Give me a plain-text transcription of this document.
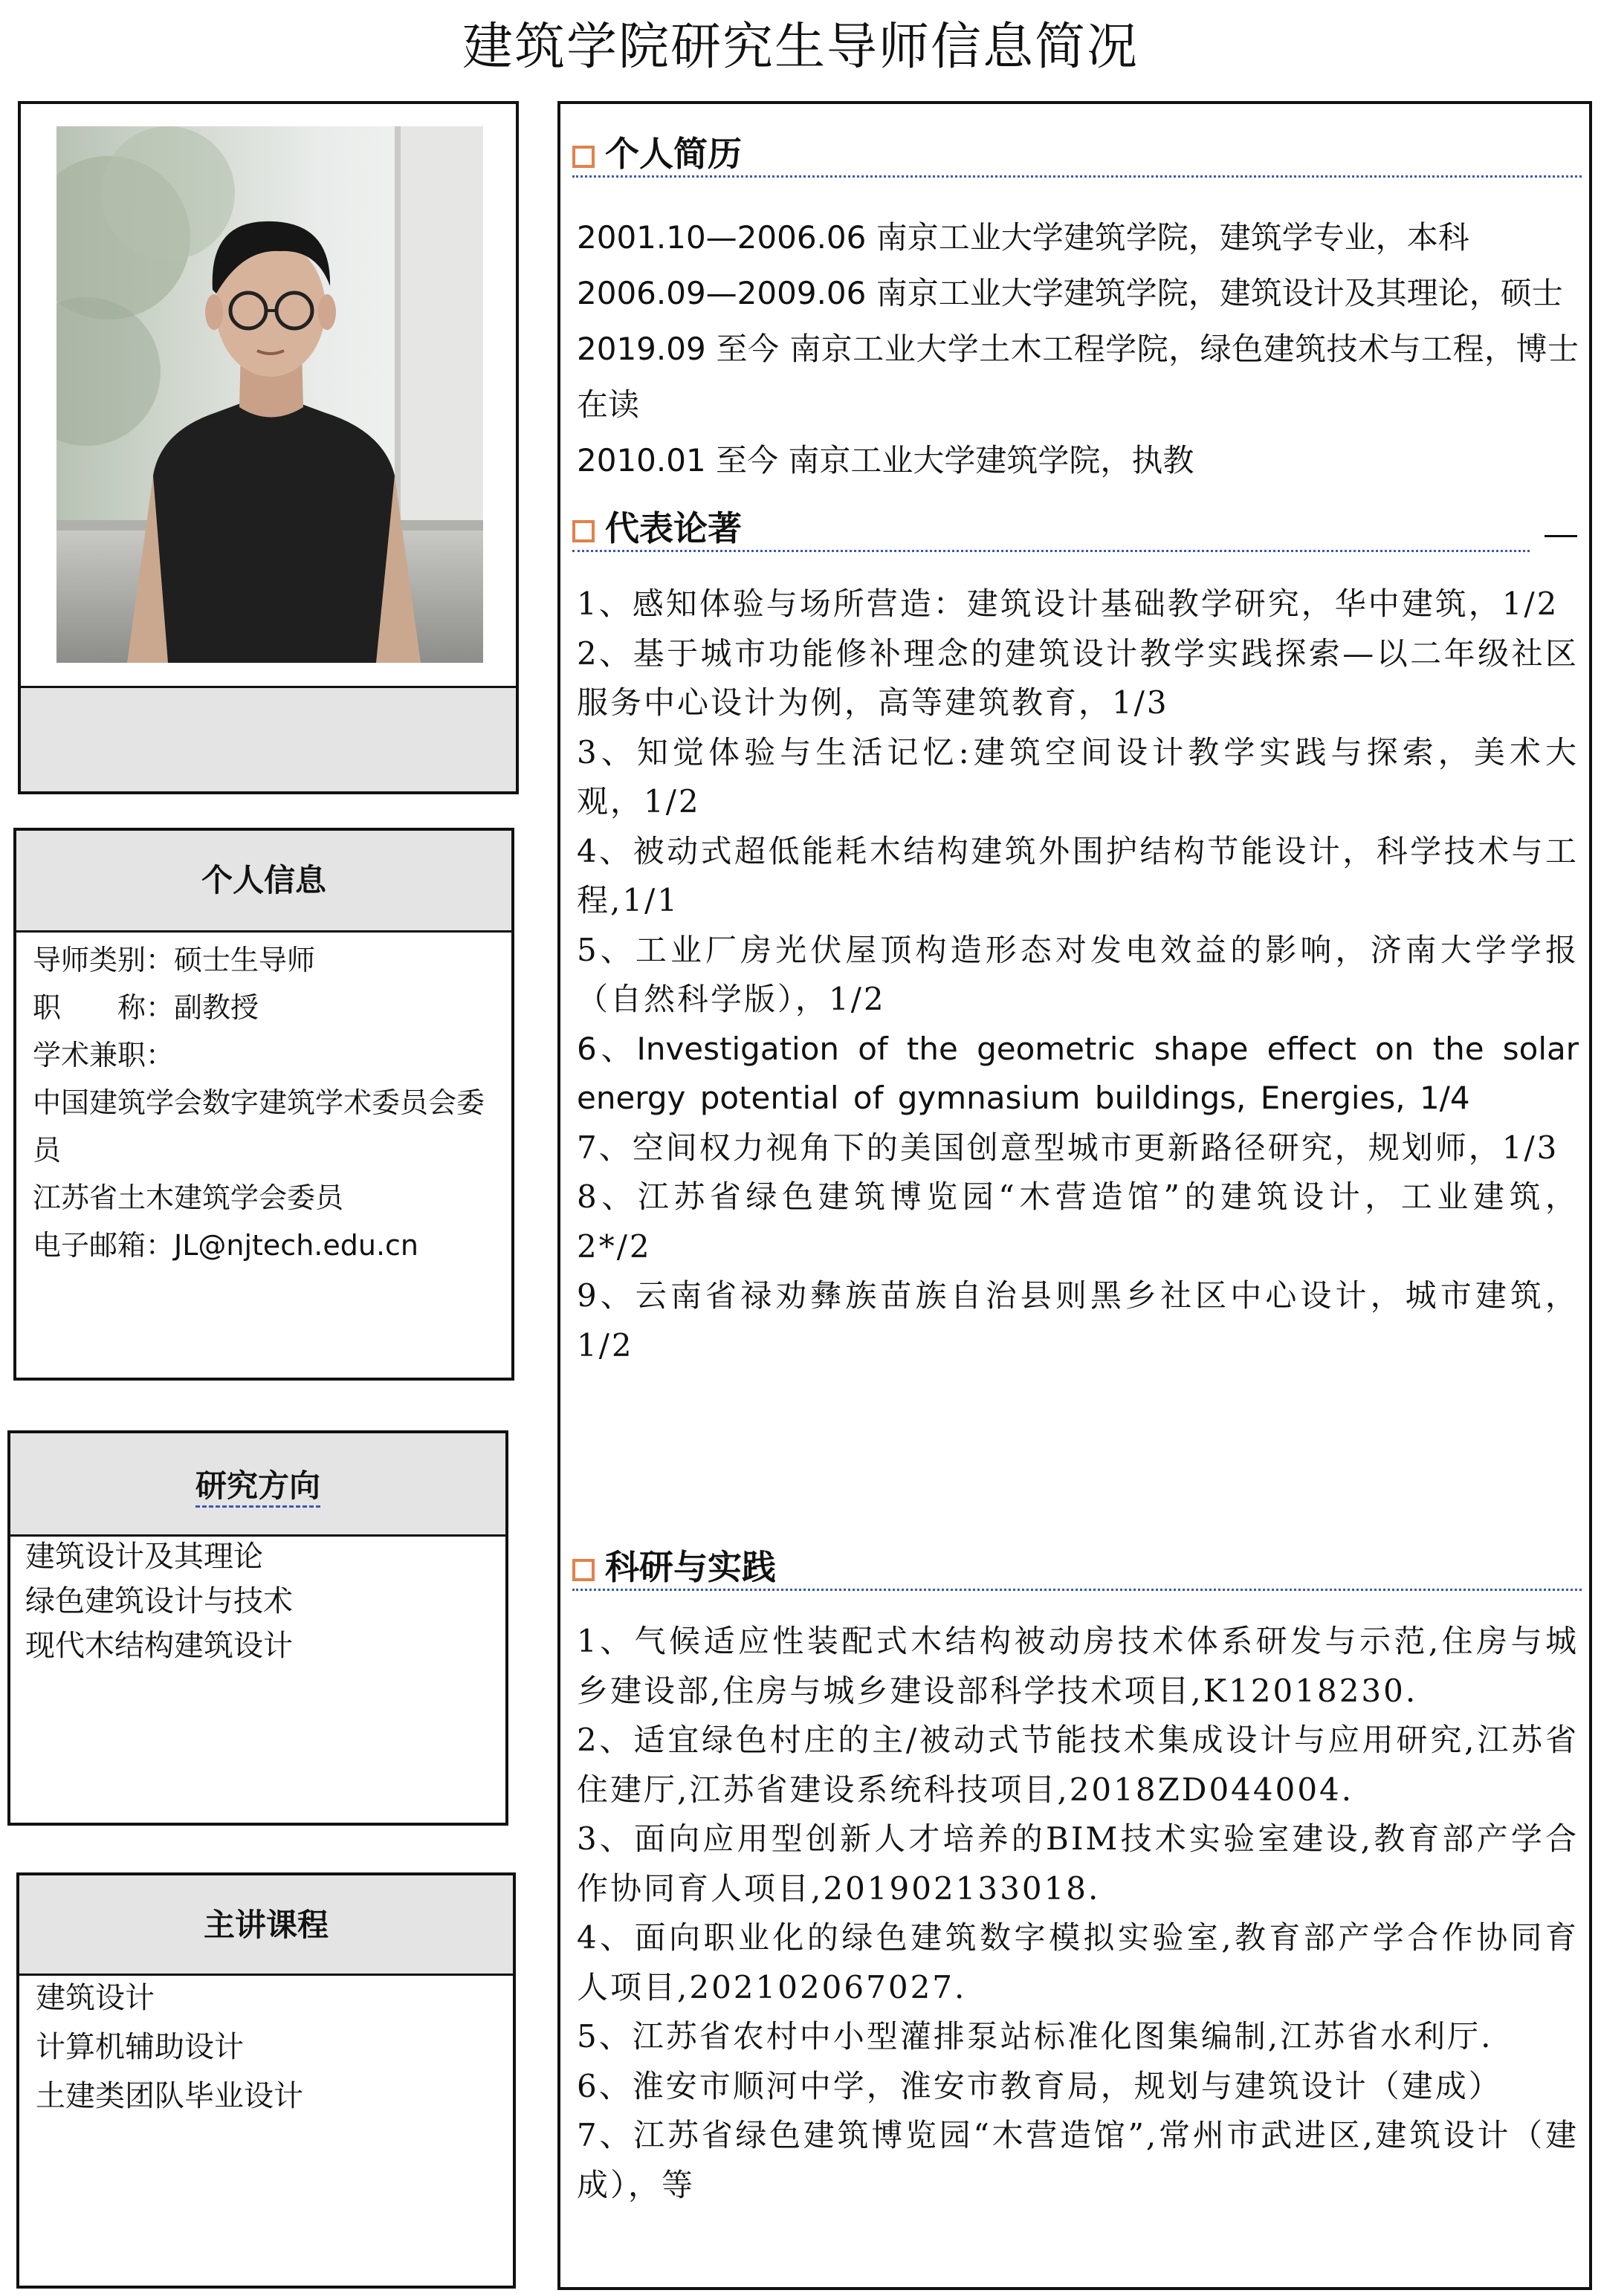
建筑学院研究生导师信息简况
个人信息
导师类别：硕士生导师
职　　称：副教授
学术兼职：
中国建筑学会数字建筑学术委员会委员
江苏省土木建筑学会委员
电子邮箱：JL@njtech.edu.cn
研究方向
建筑设计及其理论
绿色建筑设计与技术
现代木结构建筑设计
主讲课程
建筑设计
计算机辅助设计
土建类团队毕业设计
个人简历
2001.10—2006.06 南京工业大学建筑学院，建筑学专业，本科
2006.09—2009.06 南京工业大学建筑学院，建筑设计及其理论，硕士
2019.09 至今 南京工业大学土木工程学院，绿色建筑技术与工程，博士在读
2010.01 至今 南京工业大学建筑学院，执教
代表论著
1、感知体验与场所营造：建筑设计基础教学研究，华中建筑，1/2
2、基于城市功能修补理念的建筑设计教学实践探索—以二年级社区服务中心设计为例，高等建筑教育，1/3
3、知觉体验与生活记忆:建筑空间设计教学实践与探索，美术大观，1/2
4、被动式超低能耗木结构建筑外围护结构节能设计，科学技术与工程,1/1
5、工业厂房光伏屋顶构造形态对发电效益的影响，济南大学学报（自然科学版），1/2
6、Investigation of the geometric shape effect on the solar energy potential of gymnasium buildings, Energies, 1/4
7、空间权力视角下的美国创意型城市更新路径研究，规划师，1/3
8、江苏省绿色建筑博览园“木营造馆”的建筑设计，工业建筑，2*/2
9、云南省禄劝彝族苗族自治县则黑乡社区中心设计，城市建筑，1/2
科研与实践
1、气候适应性装配式木结构被动房技术体系研发与示范,住房与城乡建设部,住房与城乡建设部科学技术项目,K12018230.
2、适宜绿色村庄的主/被动式节能技术集成设计与应用研究,江苏省住建厅,江苏省建设系统科技项目,2018ZD044004.
3、面向应用型创新人才培养的BIM技术实验室建设,教育部产学合作协同育人项目,201902133018.
4、面向职业化的绿色建筑数字模拟实验室,教育部产学合作协同育人项目,202102067027.
5、江苏省农村中小型灌排泵站标准化图集编制,江苏省水利厅.
6、淮安市顺河中学，淮安市教育局，规划与建筑设计（建成）
7、江苏省绿色建筑博览园“木营造馆”,常州市武进区,建筑设计（建成），等
